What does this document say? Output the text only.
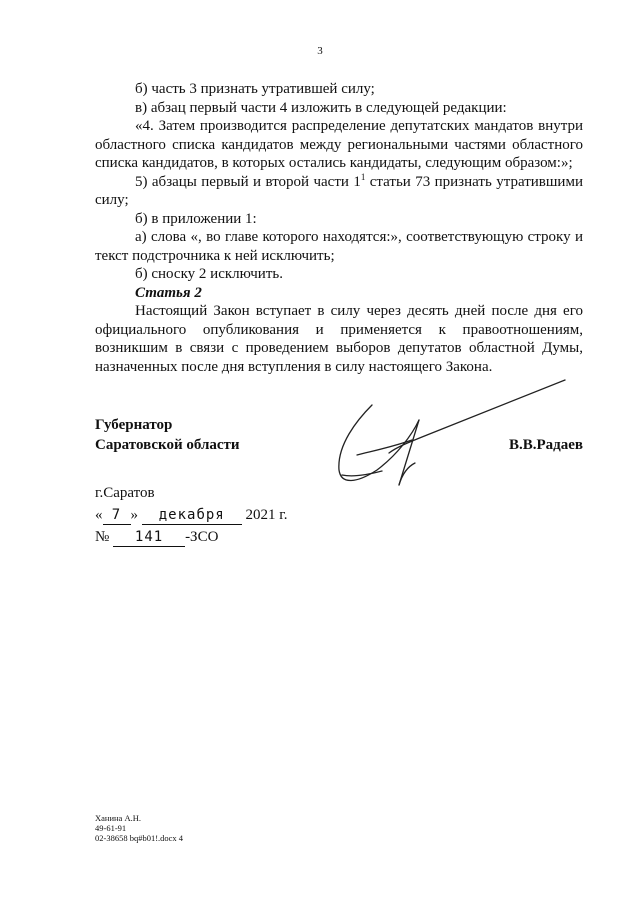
3

б) часть 3 признать утратившей силу;

в) абзац первый части 4 изложить в следующей редакции:

«4. Затем производится распределение депутатских мандатов внутри областного списка кандидатов между региональными частями областного списка кандидатов, в которых остались кандидаты, следующим образом:»;

5) абзацы первый и второй части $1^1$ статьи 73 признать утратившими силу;

б) в приложении 1:

а) слова «, во главе которого находятся:», соответствующую строку и текст подстрочника к ней исключить;

б) сноску 2 исключить.

Статья 2

Настоящий Закон вступает в силу через десять дней после дня его официального опубликования и применяется к правоотношениям, возникшим в связи с проведением выборов депутатов областной Думы, назначенных после дня вступления в силу настоящего Закона.

Губернатор
Саратовской области	В.В.Радаев
г.Саратов
« 7 » декабря 2021 г.
№ 141 -ЗСО
Ханина А.Н.
49-61-91
02-38658 bq#b01!.docx 4
